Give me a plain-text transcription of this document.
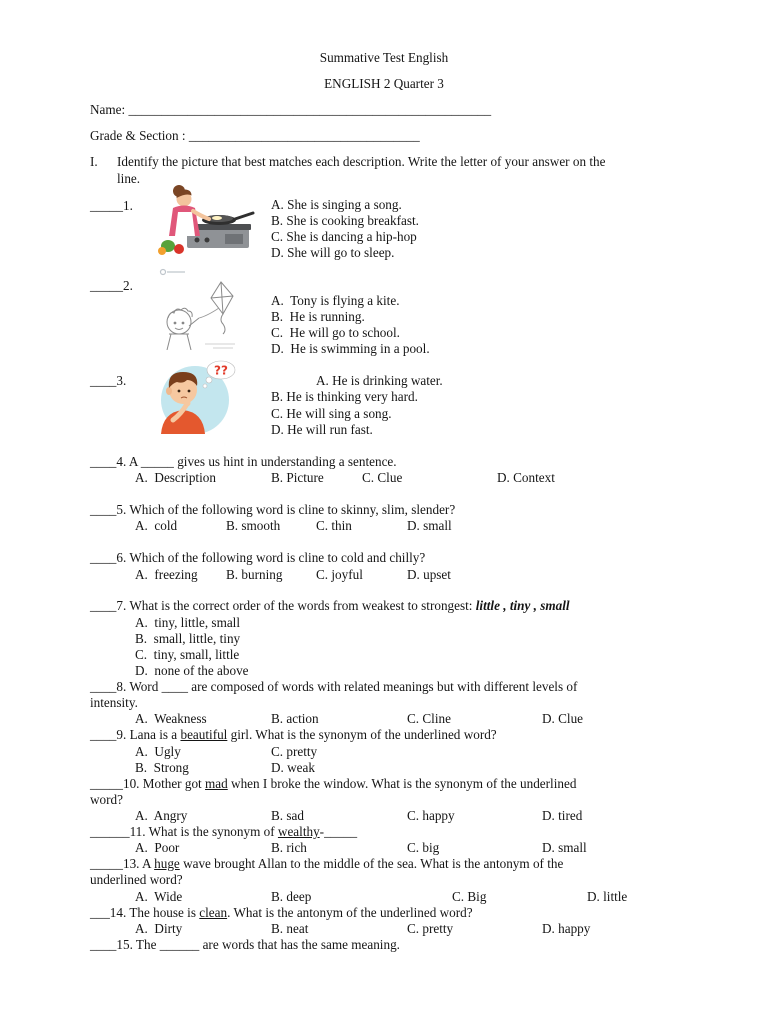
Summative Test English
ENGLISH 2 Quarter 3
Name: _______________________________________________________
Grade & Section : ___________________________________
I. Identify the picture that best matches each description. Write the letter of your answer on the
line.
_____1.	A. She is singing a song.
B. She is cooking breakfast.
C. She is dancing a hip-hop
D. She will go to sleep.
_____2.
A.  Tony is flying a kite.
B.  He is running.
C.  He will go to school.
D.  He is swimming in a pool.
____3.
??
A. He is drinking water.
B. He is thinking very hard.
C. He will sing a song.
D. He will run fast.
____4. A _____ gives us hint in understanding a sentence.
A.  Description	B. Picture	C. Clue	D. Context
____5. Which of the following word is cline to skinny, slim, slender?
A.  cold	B. smooth	C. thin	D. small
____6. Which of the following word is cline to cold and chilly?
A.  freezing B. burning	C. joyful	D. upset
____7. What is the correct order of the words from weakest to strongest: little , tiny , small
A.  tiny, little, small
B.  small, little, tiny
C.  tiny, small, little
D.  none of the above
____8. Word ____ are composed of words with related meanings but with different levels of
intensity.
A.  Weakness	B. action	C. Cline	D. Clue
____9. Lana is a beautiful girl. What is the synonym of the underlined word?
A.  Ugly
B.  Strong
C. pretty
D. weak
_____10. Mother got mad when I broke the window. What is the synonym of the underlined
word?
A.  Angry	B. sad	C. happy	D. tired
______11. What is the synonym of wealthy-_____
A.  Poor	B. rich	C. big	D. small
_____13. A huge wave brought Allan to the middle of the sea. What is the antonym of the
underlined word?
A.  Wide	B. deep	C. Big	D. little
___14. The house is clean. What is the antonym of the underlined word?
A.  Dirty	B. neat	C. pretty	D. happy
____15. The ______ are words that has the same meaning.
